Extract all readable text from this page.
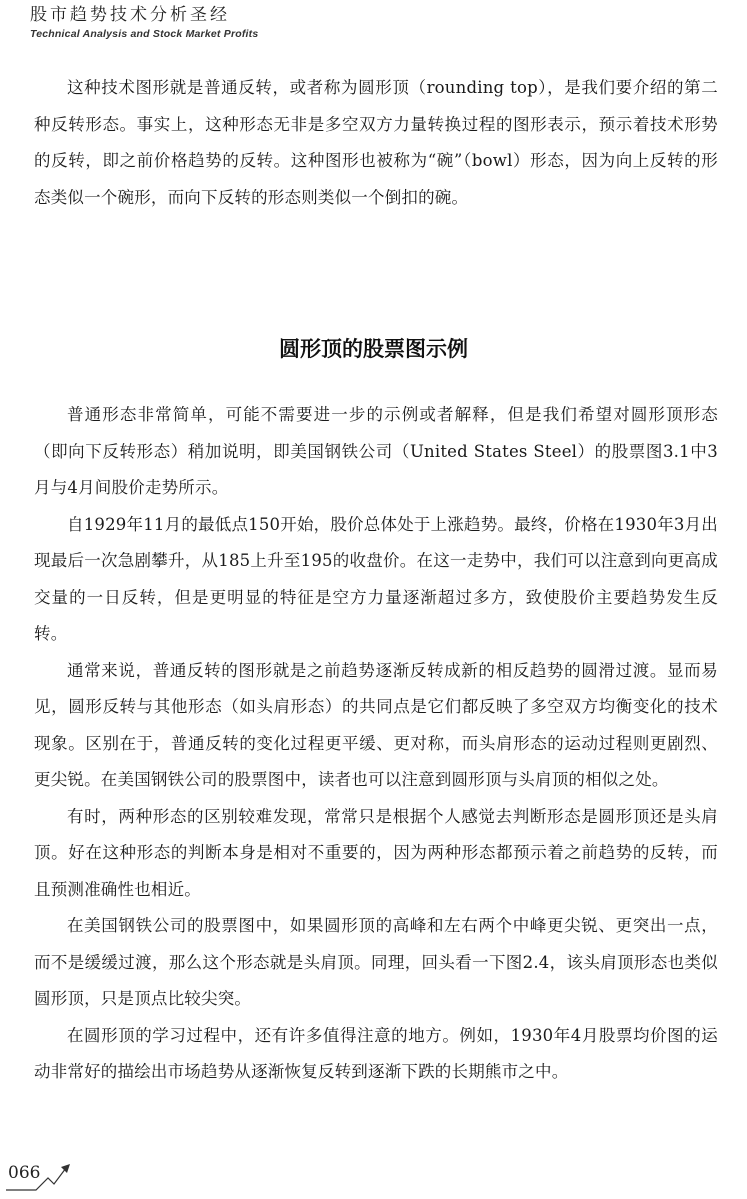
股市趋势技术分析圣经
Technical Analysis and Stock Market Profits

这种技术图形就是普通反转，或者称为圆形顶（rounding top），是我们要介绍的第二种反转形态。事实上，这种形态无非是多空双方力量转换过程的图形表示，预示着技术形势的反转，即之前价格趋势的反转。这种图形也被称为“碗”（bowl）形态，因为向上反转的形态类似一个碗形，而向下反转的形态则类似一个倒扣的碗。

圆形顶的股票图示例

普通形态非常简单，可能不需要进一步的示例或者解释，但是我们希望对圆形顶形态（即向下反转形态）稍加说明，即美国钢铁公司（United States Steel）的股票图3.1中3月与4月间股价走势所示。

自1929年11月的最低点150开始，股价总体处于上涨趋势。最终，价格在1930年3月出现最后一次急剧攀升，从185上升至195的收盘价。在这一走势中，我们可以注意到向更高成交量的一日反转，但是更明显的特征是空方力量逐渐超过多方，致使股价主要趋势发生反转。

通常来说，普通反转的图形就是之前趋势逐渐反转成新的相反趋势的圆滑过渡。显而易见，圆形反转与其他形态（如头肩形态）的共同点是它们都反映了多空双方均衡变化的技术现象。区别在于，普通反转的变化过程更平缓、更对称，而头肩形态的运动过程则更剧烈、更尖锐。在美国钢铁公司的股票图中，读者也可以注意到圆形顶与头肩顶的相似之处。

有时，两种形态的区别较难发现，常常只是根据个人感觉去判断形态是圆形顶还是头肩顶。好在这种形态的判断本身是相对不重要的，因为两种形态都预示着之前趋势的反转，而且预测准确性也相近。

在美国钢铁公司的股票图中，如果圆形顶的高峰和左右两个中峰更尖锐、更突出一点，而不是缓缓过渡，那么这个形态就是头肩顶。同理，回头看一下图2.4，该头肩顶形态也类似圆形顶，只是顶点比较尖突。

在圆形顶的学习过程中，还有许多值得注意的地方。例如，1930年4月股票均价图的运动非常好的描绘出市场趋势从逐渐恢复反转到逐渐下跌的长期熊市之中。

066
